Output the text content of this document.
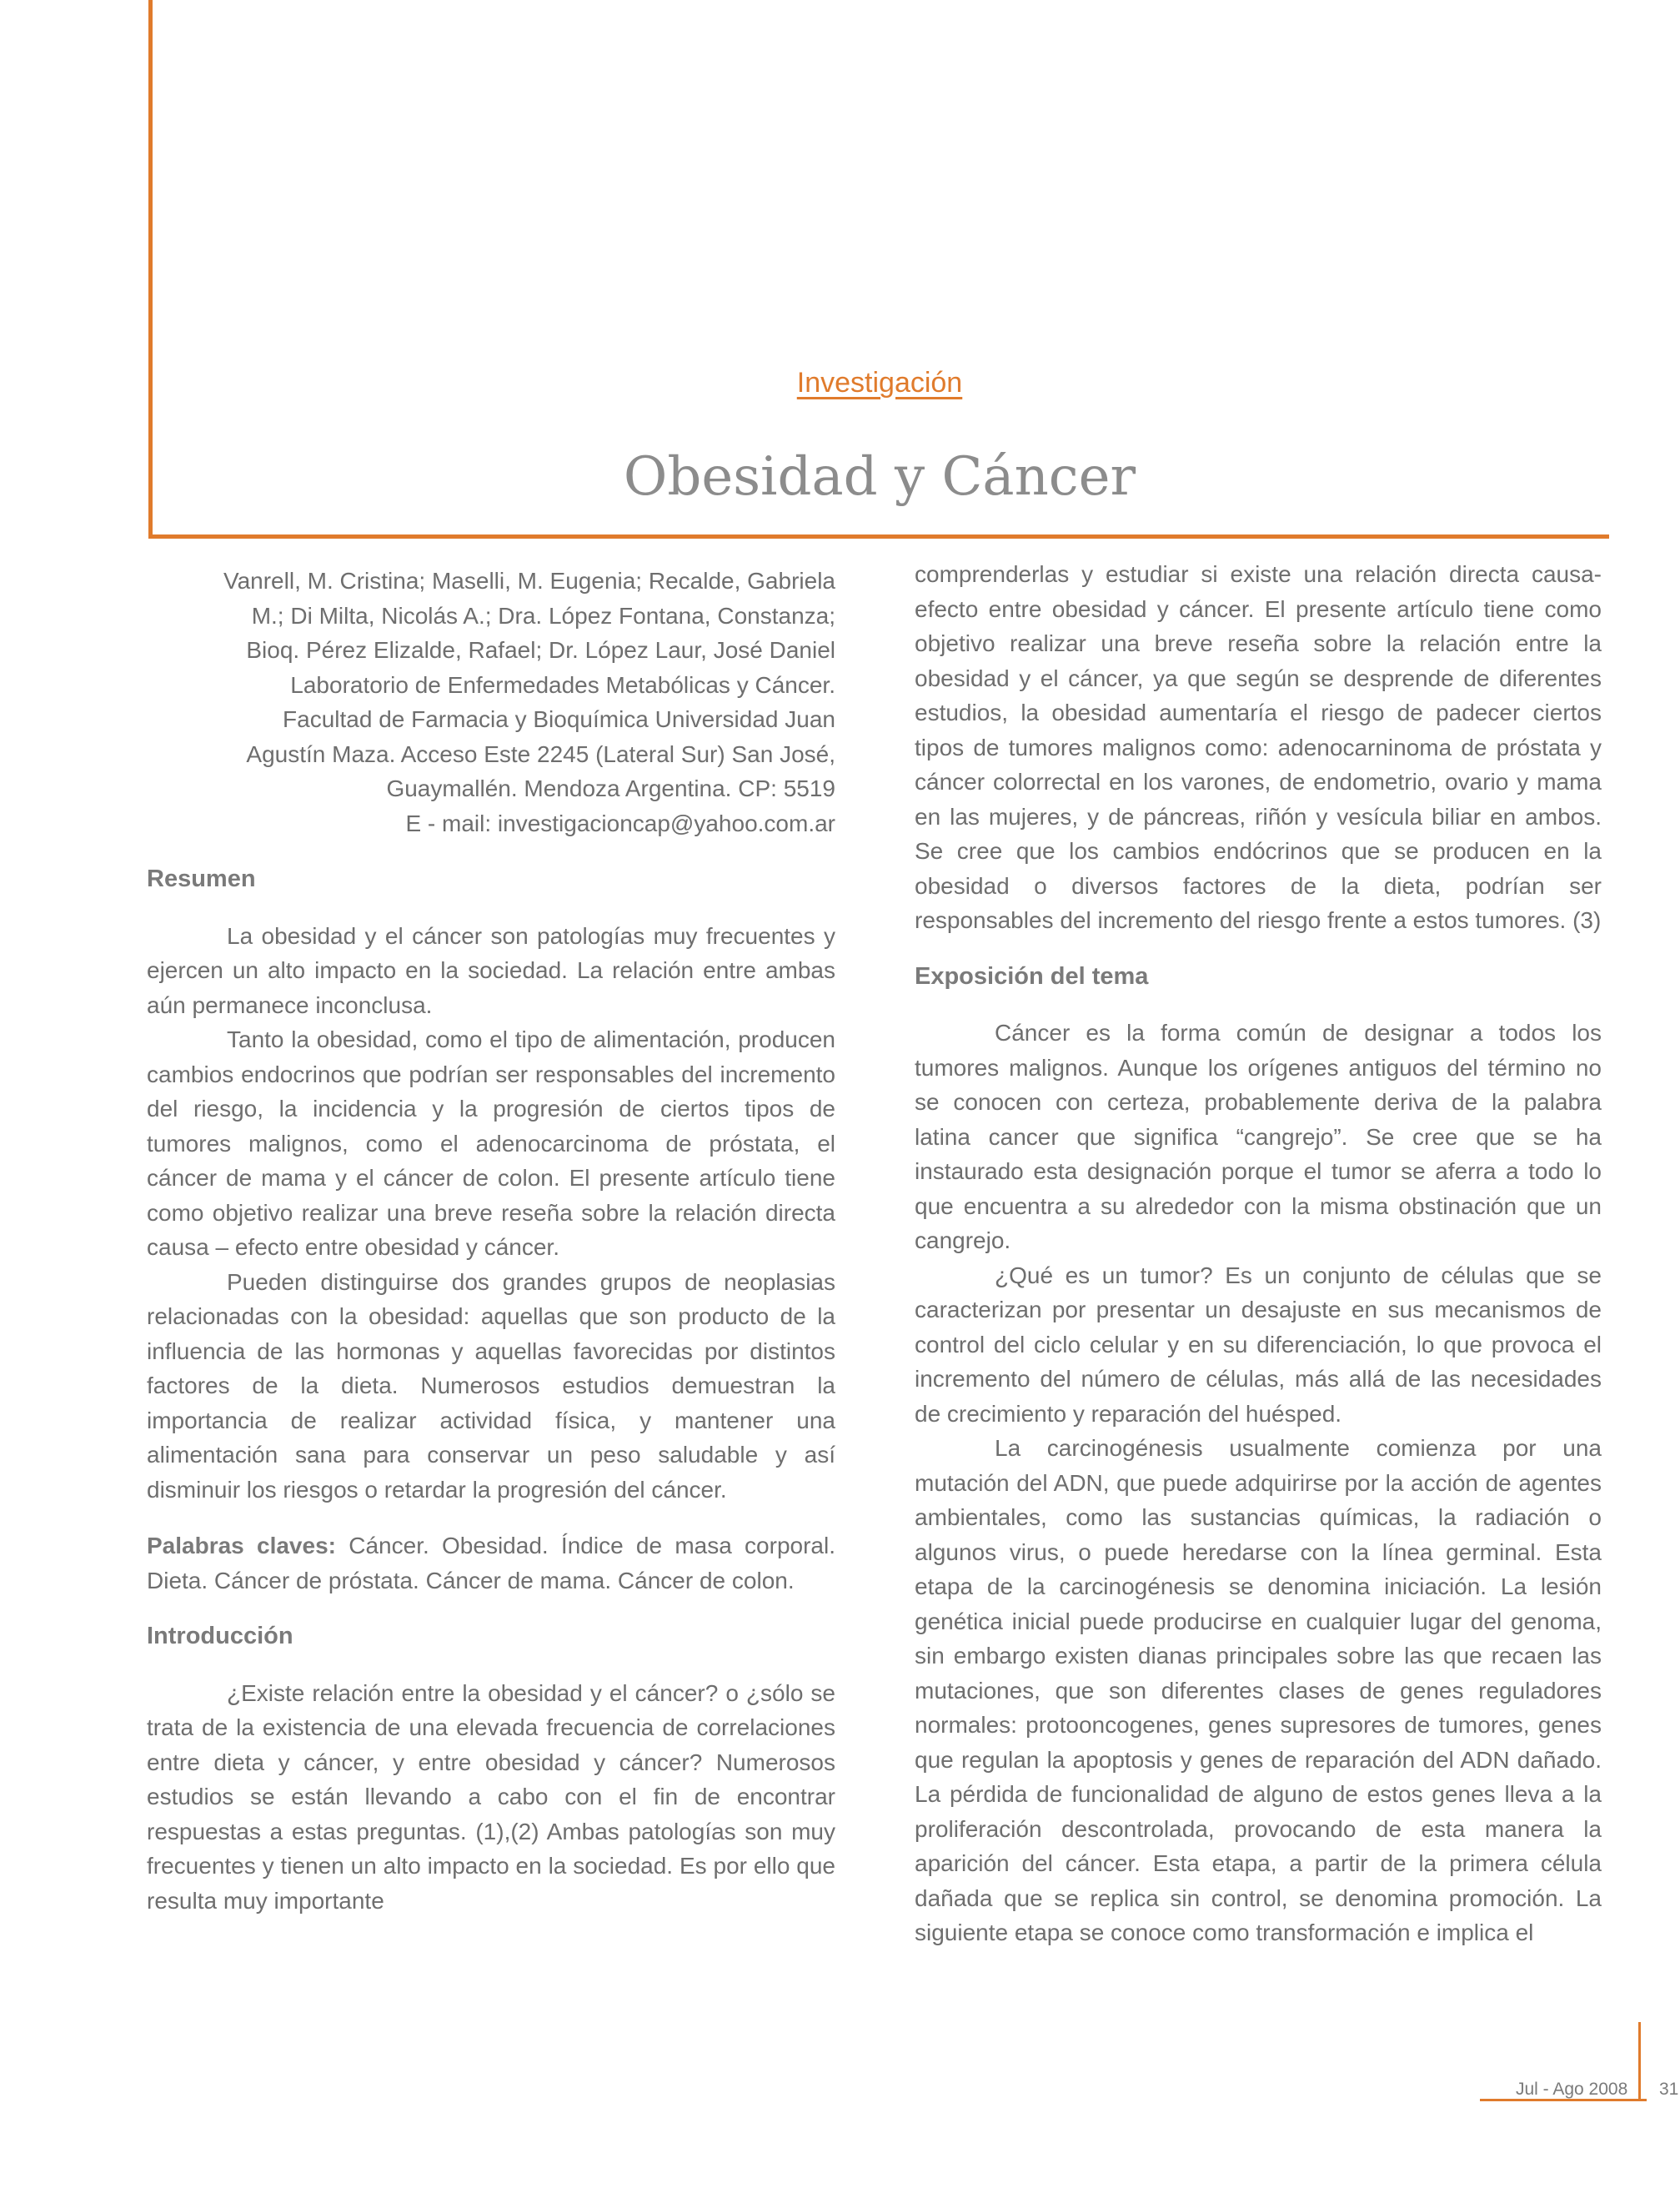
Investigación
Obesidad y Cáncer
Vanrell, M. Cristina; Maselli, M. Eugenia; Recalde, Gabriela
M.; Di Milta, Nicolás A.; Dra. López Fontana, Constanza;
Bioq. Pérez Elizalde, Rafael; Dr. López Laur, José Daniel
Laboratorio de Enfermedades Metabólicas y Cáncer.
Facultad de Farmacia y Bioquímica Universidad Juan
Agustín Maza. Acceso Este 2245 (Lateral Sur) San José,
Guaymallén. Mendoza Argentina. CP: 5519
E - mail: investigacioncap@yahoo.com.ar
Resumen

La obesidad y el cáncer son patologías muy frecuentes y ejercen un alto impacto en la sociedad. La relación entre ambas aún permanece inconclusa.

Tanto la obesidad, como el tipo de alimentación, producen cambios endocrinos que podrían ser responsables del incremento del riesgo, la incidencia y la progresión de ciertos tipos de tumores malignos, como el adenocarcinoma de próstata, el cáncer de mama y el cáncer de colon. El presente artículo tiene como objetivo realizar una breve reseña sobre la relación directa causa – efecto entre obesidad y cáncer.

Pueden distinguirse dos grandes grupos de neoplasias relacionadas con la obesidad: aquellas que son producto de la influencia de las hormonas y aquellas favorecidas por distintos factores de la dieta. Numerosos estudios demuestran la importancia de realizar actividad física, y mantener una alimentación sana para conservar un peso saludable y así disminuir los riesgos o retardar la progresión del cáncer.

Palabras claves: Cáncer. Obesidad. Índice de masa corporal. Dieta. Cáncer de próstata. Cáncer de mama. Cáncer de colon.

Introducción

¿Existe relación entre la obesidad y el cáncer? o ¿sólo se trata de la existencia de una elevada frecuencia de correlaciones entre dieta y cáncer, y entre obesidad y cáncer? Numerosos estudios se están llevando a cabo con el fin de encontrar respuestas a estas preguntas. (1),(2) Ambas patologías son muy frecuentes y tienen un alto impacto en la sociedad. Es por ello que resulta muy importante

comprenderlas y estudiar si existe una relación directa causa-efecto entre obesidad y cáncer. El presente artículo tiene como objetivo realizar una breve reseña sobre la relación entre la obesidad y el cáncer, ya que según se desprende de diferentes estudios, la obesidad aumentaría el riesgo de padecer ciertos tipos de tumores malignos como: adenocarninoma de próstata y cáncer colorrectal en los varones, de endometrio, ovario y mama en las mujeres, y de páncreas, riñón y vesícula biliar en ambos. Se cree que los cambios endócrinos que se producen en la obesidad o diversos factores de la dieta, podrían ser responsables del incremento del riesgo frente a estos tumores. (3)

Exposición del tema

Cáncer es la forma común de designar a todos los tumores malignos. Aunque los orígenes antiguos del término no se conocen con certeza, probablemente deriva de la palabra latina cancer que significa “cangrejo”. Se cree que se ha instaurado esta designación porque el tumor se aferra a todo lo que encuentra a su alrededor con la misma obstinación que un cangrejo.

¿Qué es un tumor? Es un conjunto de células que se caracterizan por presentar un desajuste en sus mecanismos de control del ciclo celular y en su diferenciación, lo que provoca el incremento del número de células, más allá de las necesidades de crecimiento y reparación del huésped.

La carcinogénesis usualmente comienza por una mutación del ADN, que puede adquirirse por la acción de agentes ambientales, como las sustancias químicas, la radiación o algunos virus, o puede heredarse con la línea germinal. Esta etapa de la carcinogénesis se denomina iniciación. La lesión genética inicial puede producirse en cualquier lugar del genoma, sin embargo existen dianas principales sobre las que recaen las mutaciones, que son diferentes clases de genes reguladores normales: protooncogenes, genes supresores de tumores, genes que regulan la apoptosis y genes de reparación del ADN dañado. La pérdida de funcionalidad de alguno de estos genes lleva a la proliferación descontrolada, provocando de esta manera la aparición del cáncer. Esta etapa, a partir de la primera célula dañada que se replica sin control, se denomina promoción. La siguiente etapa se conoce como transformación e implica el

Jul - Ago 2008 31
